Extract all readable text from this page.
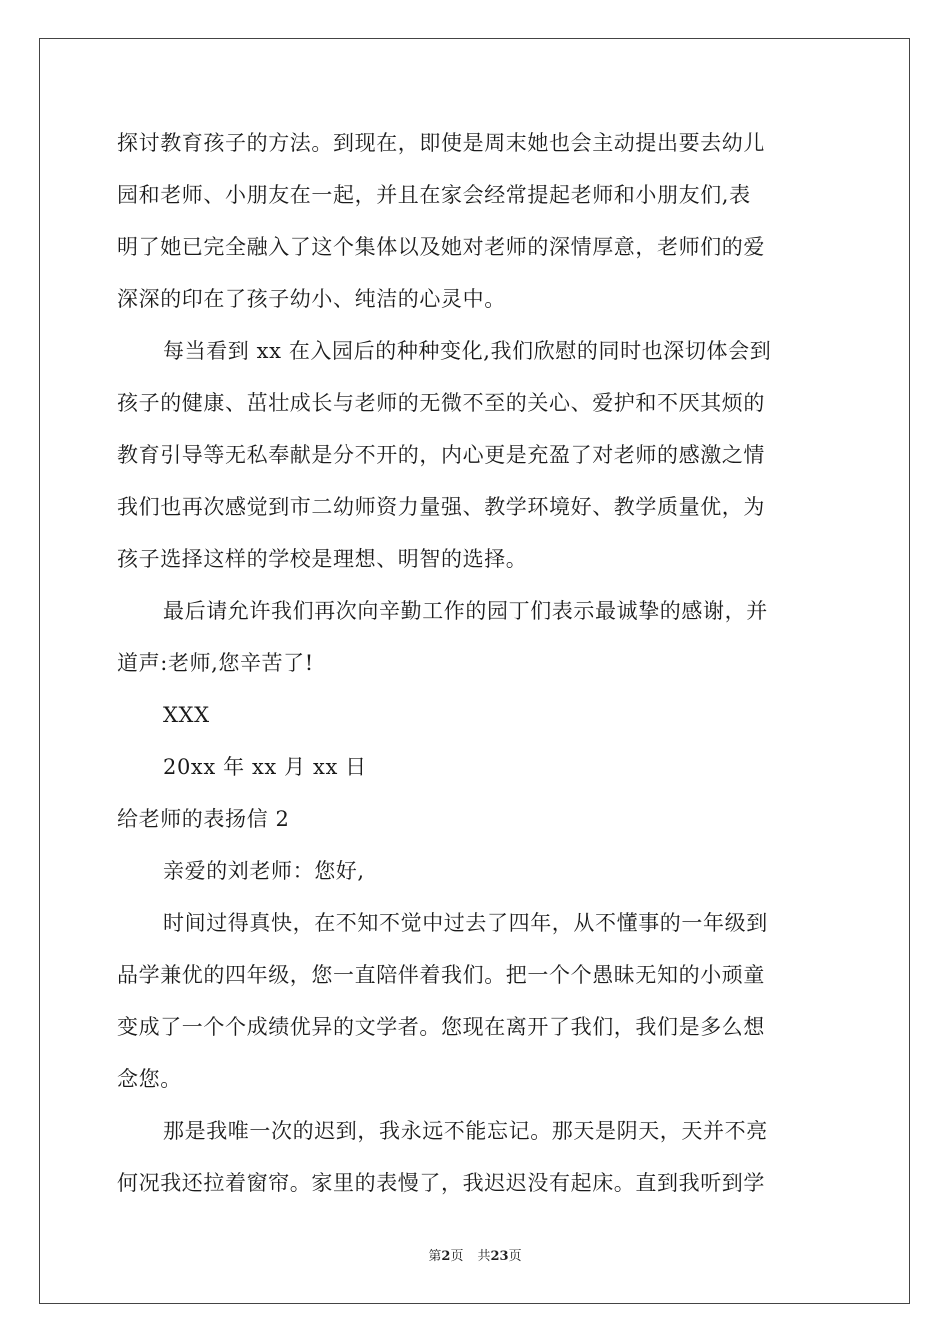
探讨教育孩子的方法。到现在，即使是周末她也会主动提出要去幼儿
园和老师、小朋友在一起，并且在家会经常提起老师和小朋友们,表
明了她已完全融入了这个集体以及她对老师的深情厚意，老师们的爱
深深的印在了孩子幼小、纯洁的心灵中。
每当看到 xx 在入园后的种种变化,我们欣慰的同时也深切体会到
孩子的健康、茁壮成长与老师的无微不至的关心、爱护和不厌其烦的
教育引导等无私奉献是分不开的，内心更是充盈了对老师的感激之情
我们也再次感觉到市二幼师资力量强、教学环境好、教学质量优，为
孩子选择这样的学校是理想、明智的选择。
最后请允许我们再次向辛勤工作的园丁们表示最诚挚的感谢，并
道声:老师,您辛苦了!
XXX
20xx 年 xx 月 xx 日
给老师的表扬信 2
亲爱的刘老师：您好,
时间过得真快，在不知不觉中过去了四年，从不懂事的一年级到
品学兼优的四年级，您一直陪伴着我们。把一个个愚昧无知的小顽童
变成了一个个成绩优异的文学者。您现在离开了我们，我们是多么想
念您。
那是我唯一次的迟到，我永远不能忘记。那天是阴天，天并不亮
何况我还拉着窗帘。家里的表慢了，我迟迟没有起床。直到我听到学
第2页 共23页
